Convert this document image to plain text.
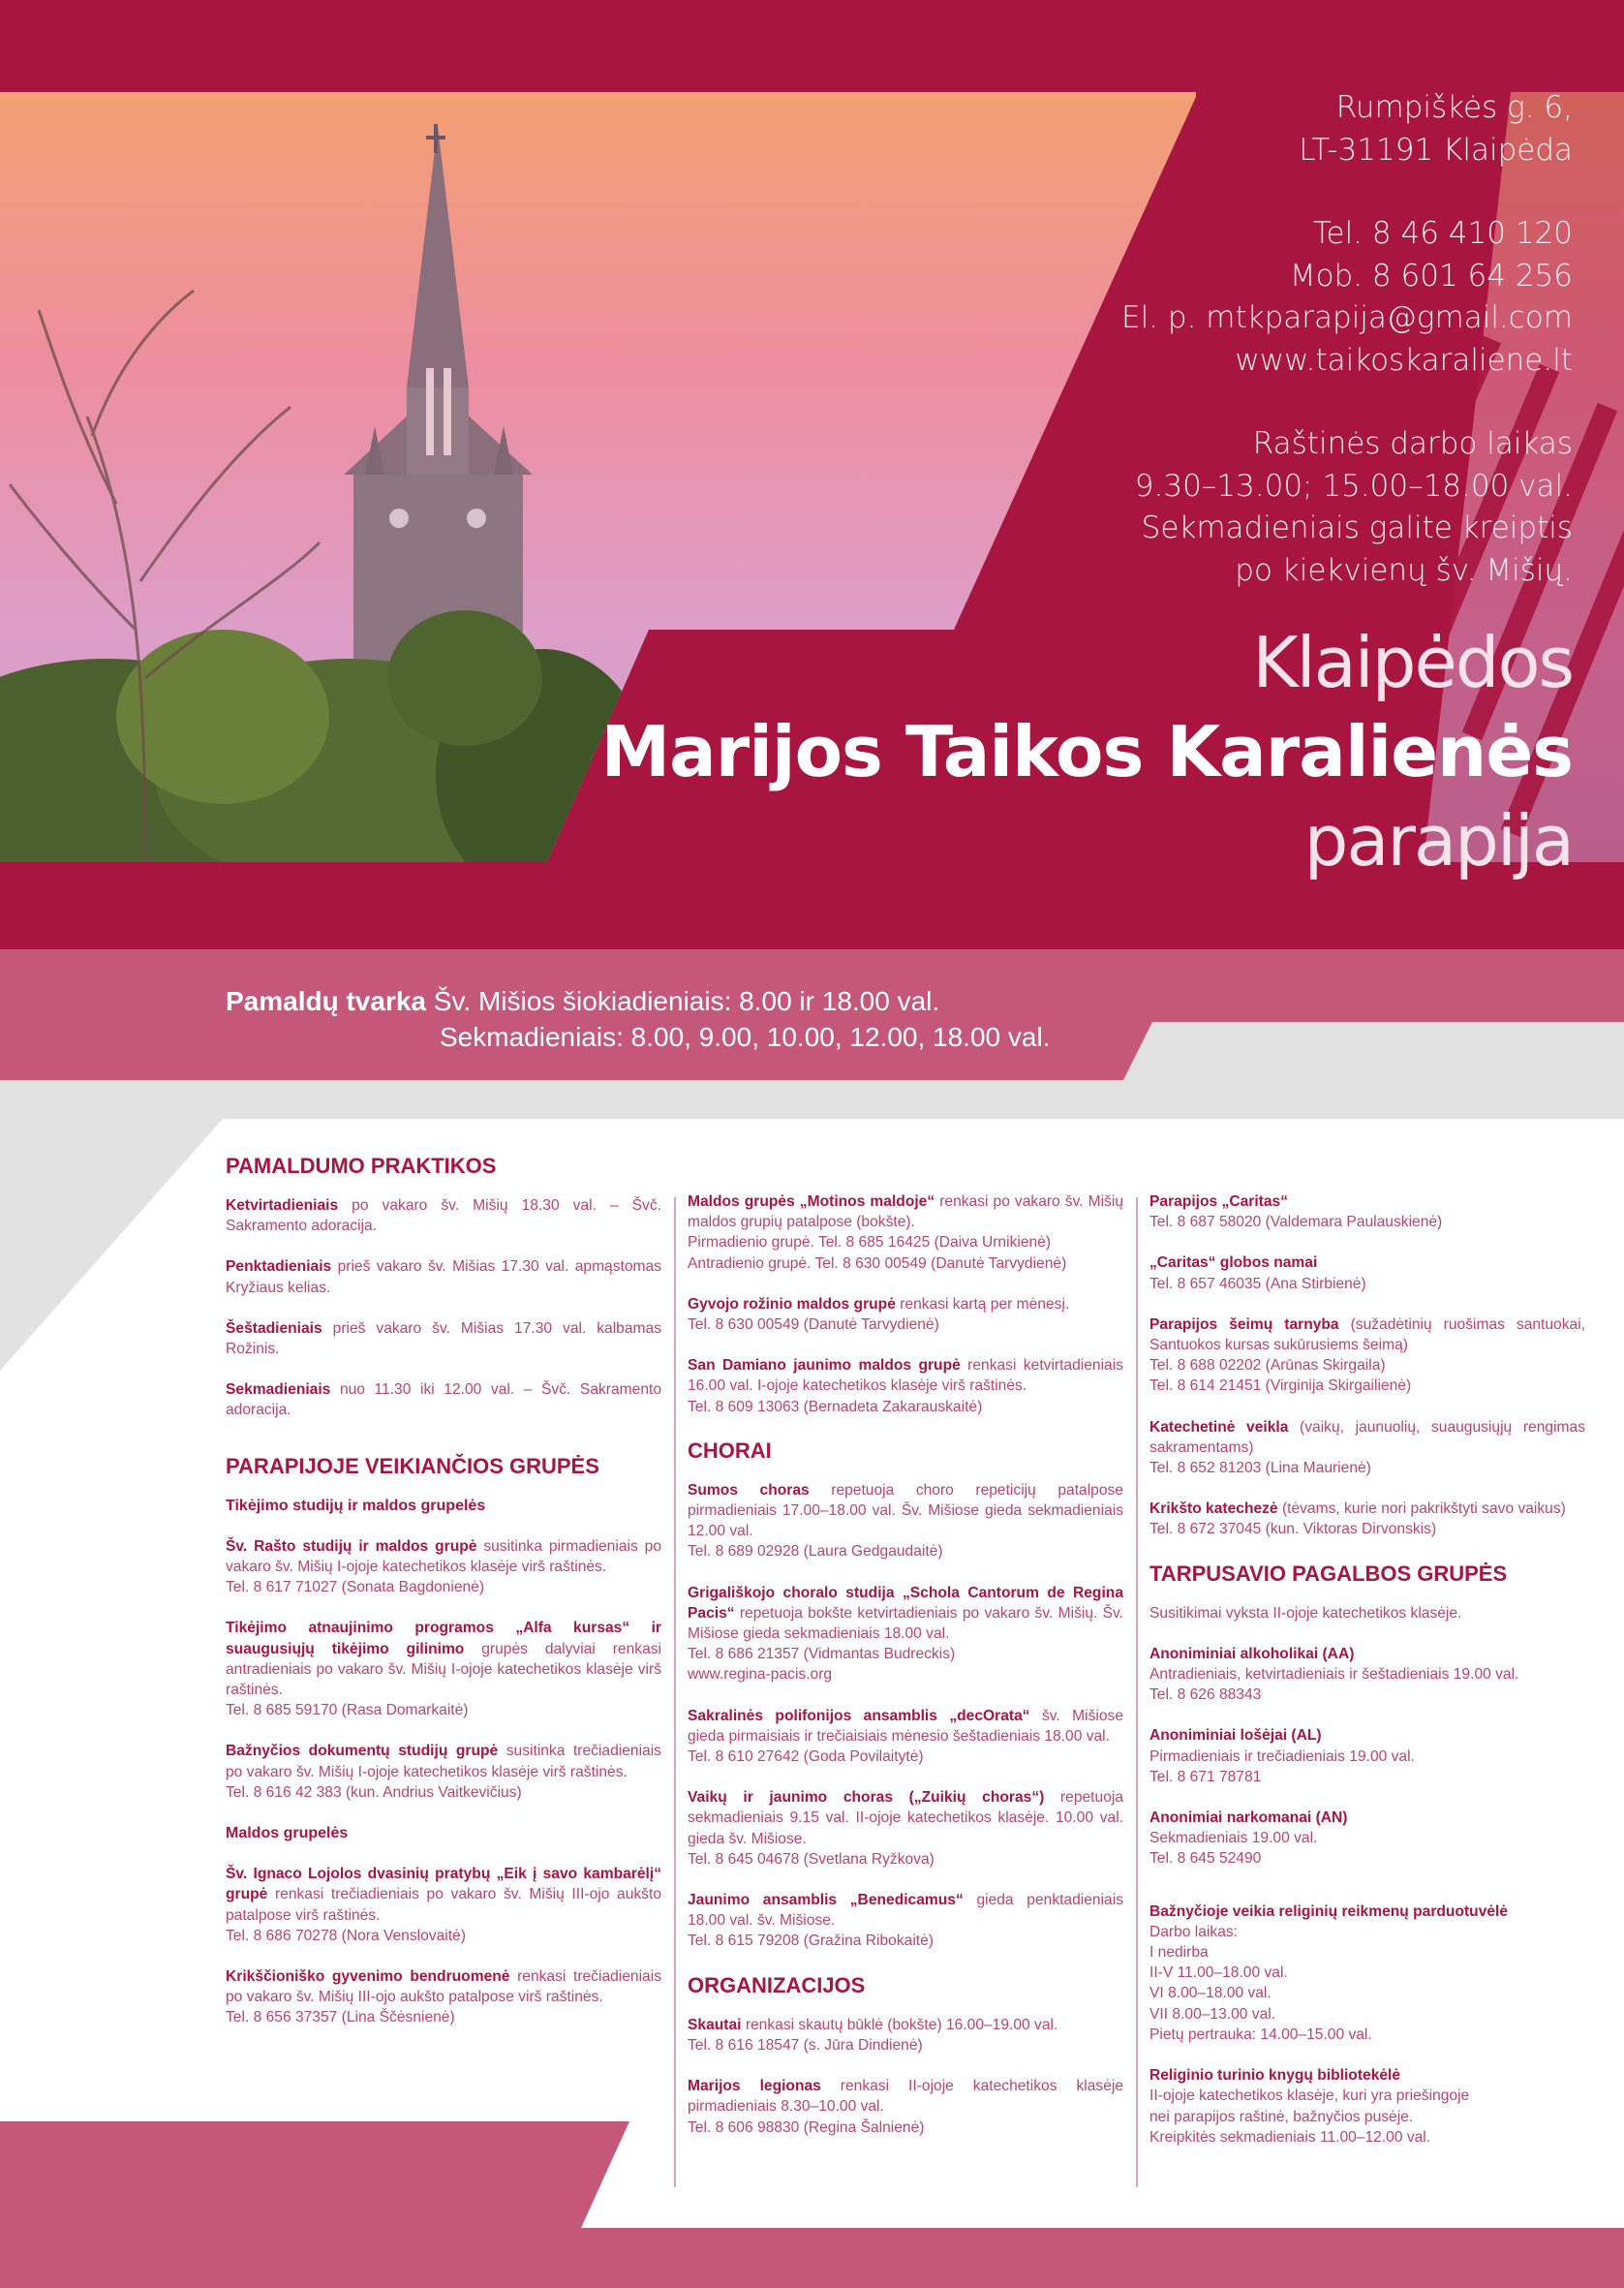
Rumpiškės g. 6,
LT-31191 Klaipėda
Tel. 8 46 410 120
Mob. 8 601 64 256
El. p. mtkparapija@gmail.com
www.taikoskaraliene.lt
Raštinės darbo laikas
9.30–13.00; 15.00–18.00 val.
Sekmadieniais galite kreiptis
po kiekvienų šv. Mišių.
Klaipėdos
Marijos Taikos Karalienės
parapija
Pamaldų tvarka Šv. Mišios šiokiadieniais: 8.00 ir 18.00 val.
Sekmadieniais: 8.00, 9.00, 10.00, 12.00, 18.00 val.
PAMALDUMO PRAKTIKOS
Ketvirtadieniais po vakaro šv. Mišių 18.30 val. – Švč. Sakramento adoracija.
Penktadieniais prieš vakaro šv. Mišias 17.30 val. apmąstomas Kryžiaus kelias.
Šeštadieniais prieš vakaro šv. Mišias 17.30 val. kalbamas Rožinis.
Sekmadieniais nuo 11.30 iki 12.00 val. – Švč. Sakramento adoracija.
PARAPIJOJE VEIKIANČIOS GRUPĖS
Tikėjimo studijų ir maldos grupelės
Šv. Rašto studijų ir maldos grupė susitinka pirmadieniais po vakaro šv. Mišių I-ojoje katechetikos klasėje virš raštinės.
Tel. 8 617 71027 (Sonata Bagdonienė)
Tikėjimo atnaujinimo programos „Alfa kursas“ ir suaugusiųjų tikėjimo gilinimo grupės dalyviai renkasi antradieniais po vakaro šv. Mišių I-ojoje katechetikos klasėje virš raštinės.
Tel. 8 685 59170 (Rasa Domarkaitė)
Bažnyčios dokumentų studijų grupė susitinka trečiadieniais po vakaro šv. Mišių I-ojoje katechetikos klasėje virš raštinės.
Tel. 8 616 42 383 (kun. Andrius Vaitkevičius)
Maldos grupelės
Šv. Ignaco Lojolos dvasinių pratybų „Eik į savo kambarėlį“ grupė renkasi trečiadieniais po vakaro šv. Mišių III-ojo aukšto patalpose virš raštinės.
Tel. 8 686 70278 (Nora Venslovaitė)
Krikščioniško gyvenimo bendruomenė renkasi trečiadieniais po vakaro šv. Mišių III-ojo aukšto patalpose virš raštinės.
Tel. 8 656 37357 (Lina Ščėsnienė)
Maldos grupės „Motinos maldoje“ renkasi po vakaro šv. Mišių maldos grupių patalpose (bokšte).
Pirmadienio grupė. Tel. 8 685 16425 (Daiva Urnikienė)
Antradienio grupė. Tel. 8 630 00549 (Danutė Tarvydienė)
Gyvojo rožinio maldos grupė renkasi kartą per mėnesį.
Tel. 8 630 00549 (Danutė Tarvydienė)
San Damiano jaunimo maldos grupė renkasi ketvirtadieniais 16.00 val. I-ojoje katechetikos klasėje virš raštinės.
Tel. 8 609 13063 (Bernadeta Zakarauskaitė)
CHORAI
Sumos choras repetuoja choro repeticijų patalpose pirmadieniais 17.00–18.00 val. Šv. Mišiose gieda sekmadieniais 12.00 val.
Tel. 8 689 02928 (Laura Gedgaudaitė)
Grigališkojo choralo studija „Schola Cantorum de Regina Pacis“ repetuoja bokšte ketvirtadieniais po vakaro šv. Mišių. Šv. Mišiose gieda sekmadieniais 18.00 val.
Tel. 8 686 21357 (Vidmantas Budreckis)
www.regina-pacis.org
Sakralinės polifonijos ansamblis „decOrata“ šv. Mišiose gieda pirmaisiais ir trečiaisiais mėnesio šeštadieniais 18.00 val.
Tel. 8 610 27642 (Goda Povilaitytė)
Vaikų ir jaunimo choras („Zuikių choras“) repetuoja sekmadieniais 9.15 val. II-ojoje katechetikos klasėje. 10.00 val. gieda šv. Mišiose.
Tel. 8 645 04678 (Svetlana Ryžkova)
Jaunimo ansamblis „Benedicamus“ gieda penktadieniais 18.00 val. šv. Mišiose.
Tel. 8 615 79208 (Gražina Ribokaitė)
ORGANIZACIJOS
Skautai renkasi skautų būklė (bokšte) 16.00–19.00 val.
Tel. 8 616 18547 (s. Jūra Dindienė)
Marijos legionas renkasi II-ojoje katechetikos klasėje pirmadieniais 8.30–10.00 val.
Tel. 8 606 98830 (Regina Šalnienė)
Parapijos „Caritas“
Tel. 8 687 58020 (Valdemara Paulauskienė)
„Caritas“ globos namai
Tel. 8 657 46035 (Ana Stirbienė)
Parapijos šeimų tarnyba (sužadėtinių ruošimas santuokai, Santuokos kursas sukūrusiems šeimą)
Tel. 8 688 02202 (Arūnas Skirgaila)
Tel. 8 614 21451 (Virginija Skirgailienė)
Katechetinė veikla (vaikų, jaunuolių, suaugusiųjų rengimas sakramentams)
Tel. 8 652 81203 (Lina Maurienė)
Krikšto katechezė (tėvams, kurie nori pakrikštyti savo vaikus)
Tel. 8 672 37045 (kun. Viktoras Dirvonskis)
TARPUSAVIO PAGALBOS GRUPĖS
Susitikimai vyksta II-ojoje katechetikos klasėje.
Anoniminiai alkoholikai (AA)
Antradieniais, ketvirtadieniais ir šeštadieniais 19.00 val.
Tel. 8 626 88343
Anoniminiai lošėjai (AL)
Pirmadieniais ir trečiadieniais 19.00 val.
Tel. 8 671 78781
Anonimiai narkomanai (AN)
Sekmadieniais 19.00 val.
Tel. 8 645 52490
Bažnyčioje veikia religinių reikmenų parduotuvėlė
Darbo laikas:
I nedirba
II-V 11.00–18.00 val.
VI 8.00–18.00 val.
VII 8.00–13.00 val.
Pietų pertrauka: 14.00–15.00 val.
Religinio turinio knygų bibliotekėlė
II-ojoje katechetikos klasėje, kuri yra priešingoje
nei parapijos raštinė, bažnyčios pusėje.
Kreipkitės sekmadieniais 11.00–12.00 val.
